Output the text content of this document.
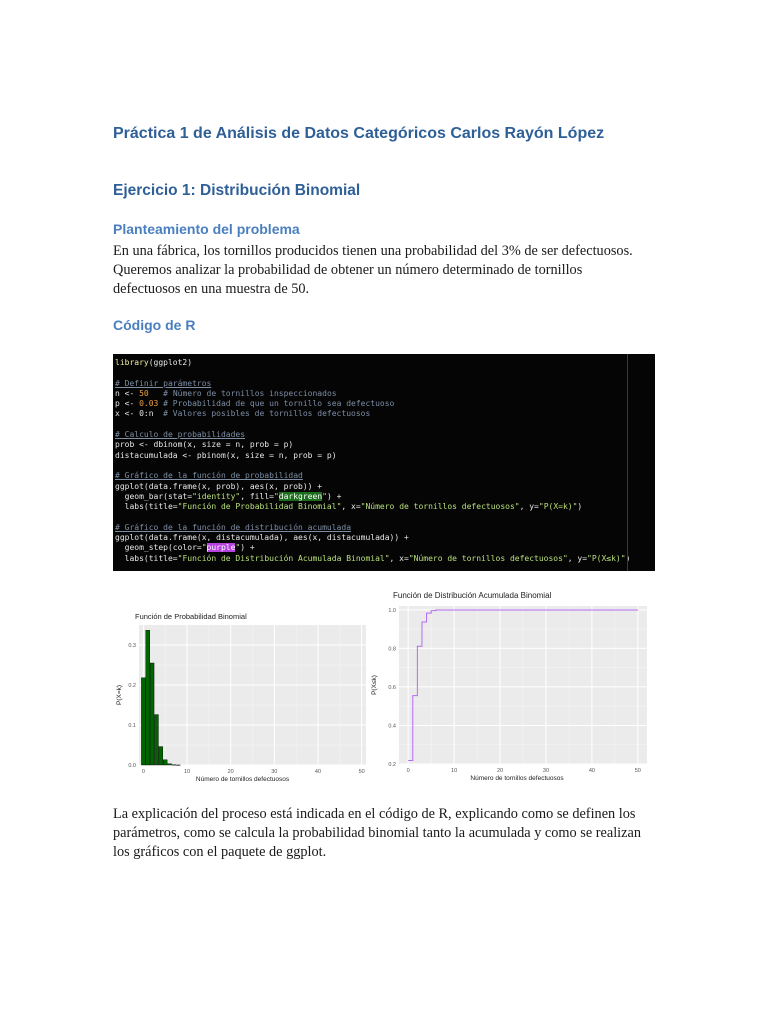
Práctica 1 de Análisis de Datos Categóricos Carlos Rayón López
Ejercicio 1: Distribución Binomial
Planteamiento del problema
En una fábrica, los tornillos producidos tienen una probabilidad del 3% de ser defectuosos.
Queremos analizar la probabilidad de obtener un número determinado de tornillos
defectuosos en una muestra de 50.
Código de R
library(ggplot2)

# Definir parámetros
n <- 50   # Número de tornillos inspeccionados
p <- 0.03 # Probabilidad de que un tornillo sea defectuoso
x <- 0:n  # Valores posibles de tornillos defectuosos

# Calculo de probabilidades
prob <- dbinom(x, size = n, prob = p)
distacumulada <- pbinom(x, size = n, prob = p)

# Gráfico de la función de probabilidad
ggplot(data.frame(x, prob), aes(x, prob)) +
geom_bar(stat="identity", fill="darkgreen") +
labs(title="Función de Probabilidad Binomial", x="Número de tornillos defectuosos", y="P(X=k)")

# Gráfico de la función de distribución acumulada
ggplot(data.frame(x, distacumulada), aes(x, distacumulada)) +
geom_step(color="purple") +
labs(title="Función de Distribución Acumulada Binomial", x="Número de tornillos defectuosos", y="P(X≤k)")
Función de Probabilidad Binomial
0	10	20	30	40	50
0.0
0.1
0.2
0.3
Número de tornillos defectuosos
P(X=k)
Función de Distribución Acumulada Binomial
0	10	20	30	40	50
0.2
0.4
0.6
0.8
1.0
Número de tornillos defectuosos
P(X≤k)
La explicación del proceso está indicada en el código de R, explicando como se definen los
parámetros, como se calcula la probabilidad binomial tanto la acumulada y como se realizan
los gráficos con el paquete de ggplot.
